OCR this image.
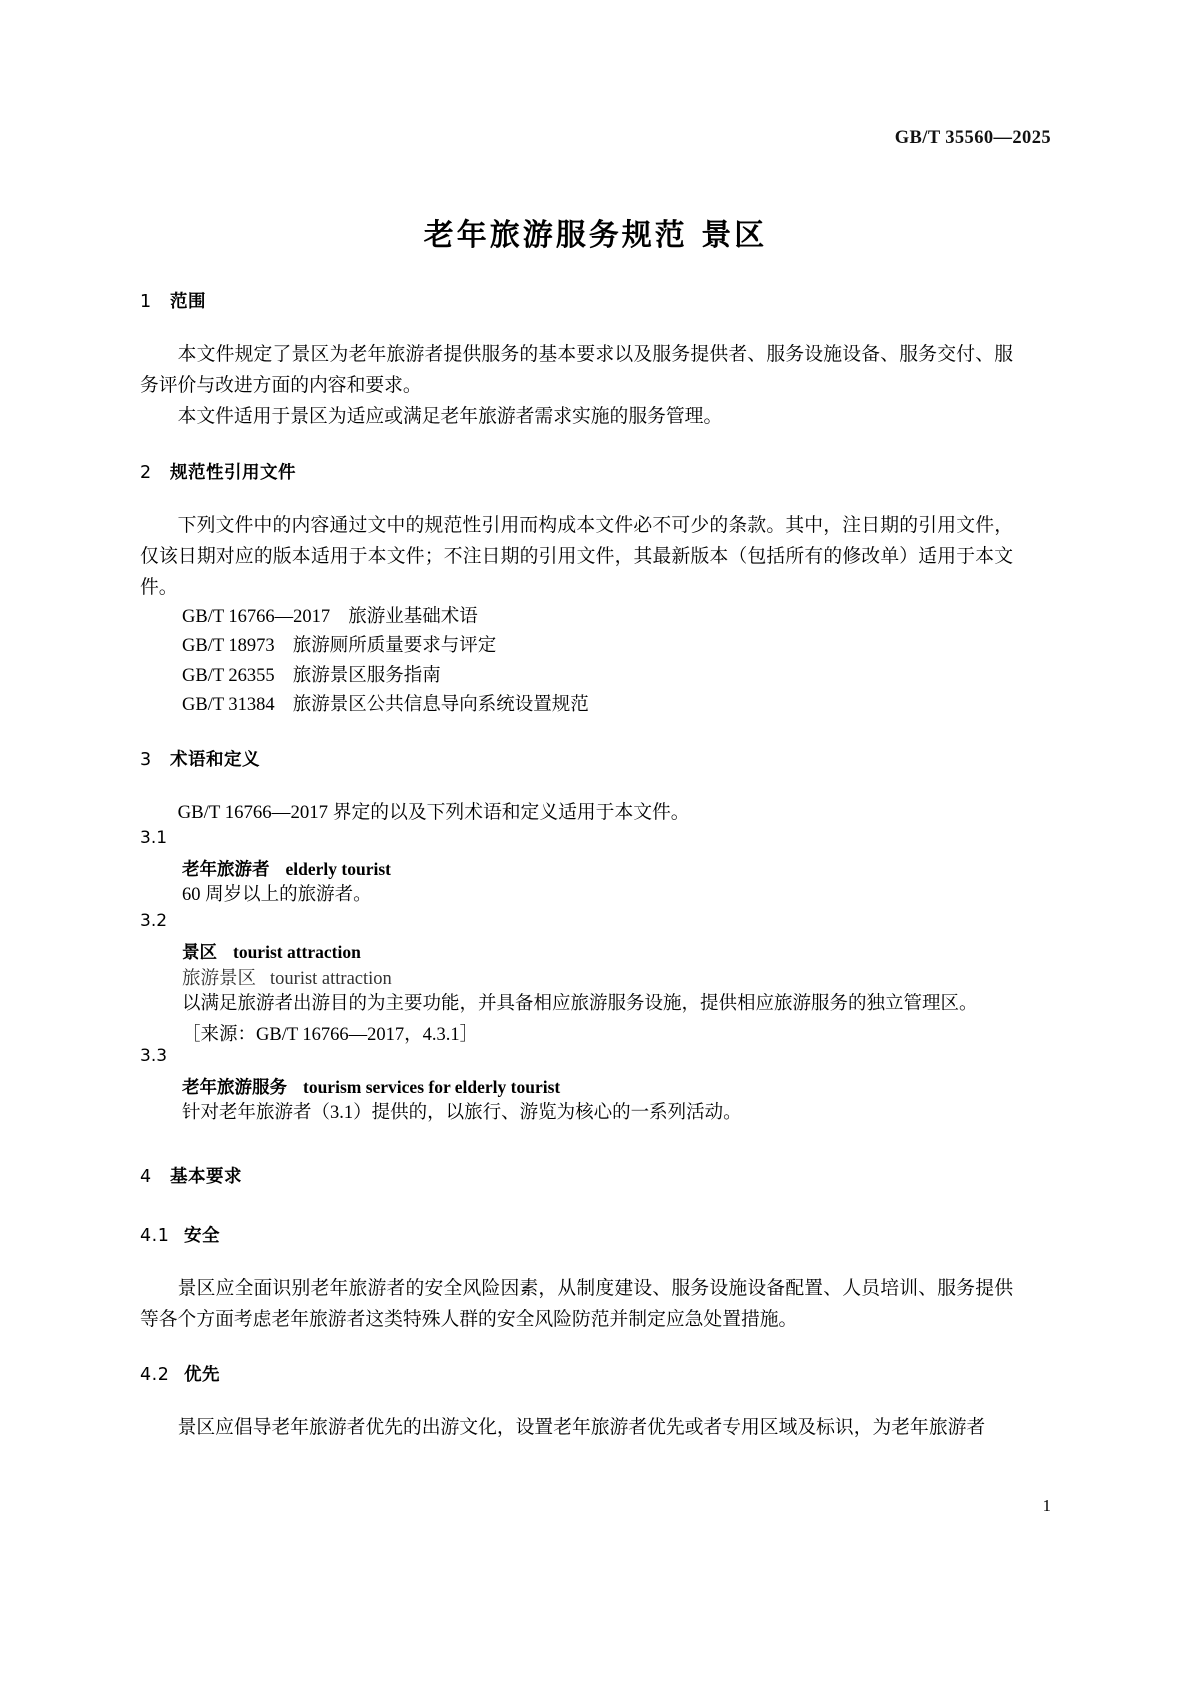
GB/T 35560—2025
老年旅游服务规范 景区
1 范围

本文件规定了景区为老年旅游者提供服务的基本要求以及服务提供者、服务设施设备、服务交付、服务评价与改进方面的内容和要求。

本文件适用于景区为适应或满足老年旅游者需求实施的服务管理。

2 规范性引用文件

下列文件中的内容通过文中的规范性引用而构成本文件必不可少的条款。其中，注日期的引用文件，仅该日期对应的版本适用于本文件；不注日期的引用文件，其最新版本（包括所有的修改单）适用于本文件。

GB/T 16766—2017 旅游业基础术语
GB/T 18973 旅游厕所质量要求与评定
GB/T 26355 旅游景区服务指南
GB/T 31384 旅游景区公共信息导向系统设置规范
3 术语和定义

GB/T 16766—2017 界定的以及下列术语和定义适用于本文件。

3.1
老年旅游者 elderly tourist
60 周岁以上的旅游者。
3.2
景区 tourist attraction
旅游景区 tourist attraction
以满足旅游者出游目的为主要功能，并具备相应旅游服务设施，提供相应旅游服务的独立管理区。
［来源：GB/T 16766—2017，4.3.1］
3.3
老年旅游服务 tourism services for elderly tourist
针对老年旅游者（3.1）提供的，以旅行、游览为核心的一系列活动。
4 基本要求
4.1 安全

景区应全面识别老年旅游者的安全风险因素，从制度建设、服务设施设备配置、人员培训、服务提供等各个方面考虑老年旅游者这类特殊人群的安全风险防范并制定应急处置措施。

4.2 优先

景区应倡导老年旅游者优先的出游文化，设置老年旅游者优先或者专用区域及标识，为老年旅游者

1
